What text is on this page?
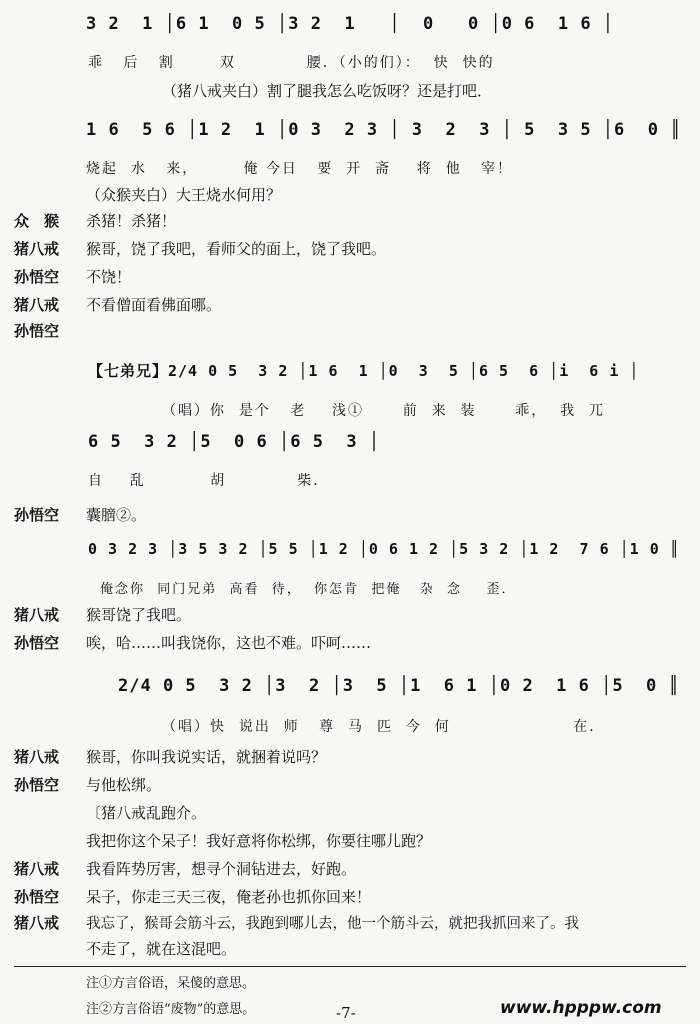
3 2  1 │6 1  0 5 │3 2  1   │  0   0 │0 6  1 6 │
乖   后   割       双           腰．（小的们）：  快  快的
（猪八戒夹白）割了腿我怎么吃饭呀？还是打吧．
1 6  5 6 │1 2  1 │0 3  2 3 │ 3  2  3 │ 5  3 5 │6  0 ║
烧起  水   来，       俺 今日   要  开  斋    将  他   宰！
（众猴夹白）大王烧水何用？
众　猴 杀猪！杀猪！
猪八戒 猴哥，饶了我吧，看师父的面上，饶了我吧。
孙悟空 不饶！
猪八戒 不看僧面看佛面哪。
孙悟空
【七弟兄】2/4 0 5  3 2 │1 6  1 │0  3  5 │6 5  6 │i  6 i │
（唱）你  是个   老    浅①      前  来  装      乖，  我  兀
6 5  3 2 │5  0 6 │6 5  3 │
自    乱          胡           柴．
孙悟空 囊膪②。
0 3 2 3 │3 5 3 2 │5 5 │1 2 │0 6 1 2 │5 3 2 │1 2  7 6 │1 0 ║
俺念你  同门兄弟  高看  待，  你怎肯  把俺   杂  念    歪．
猪八戒 猴哥饶了我吧。
孙悟空 唉，哈……叫我饶你，这也不难。吓呵……
2/4 0 5  3 2 │3  2 │3  5 │1  6 1 │0 2  1 6 │5  0 ║
（唱）快  说出  师   尊  马  匹  今  何                   在．
猪八戒 猴哥，你叫我说实话，就捆着说吗？
孙悟空 与他松绑。
〔猪八戒乱跑介。
我把你这个呆子！我好意将你松绑，你要往哪儿跑？
猪八戒 我看阵势厉害，想寻个洞钻进去，好跑。
孙悟空 呆子，你走三天三夜，俺老孙也抓你回来！
猪八戒 我忘了，猴哥会筋斗云，我跑到哪儿去，他一个筋斗云，就把我抓回来了。我
不走了，就在这混吧。
注①方言俗语，呆傻的意思。
注②方言俗语“废物”的意思。	-7-	www.hpppw.com
